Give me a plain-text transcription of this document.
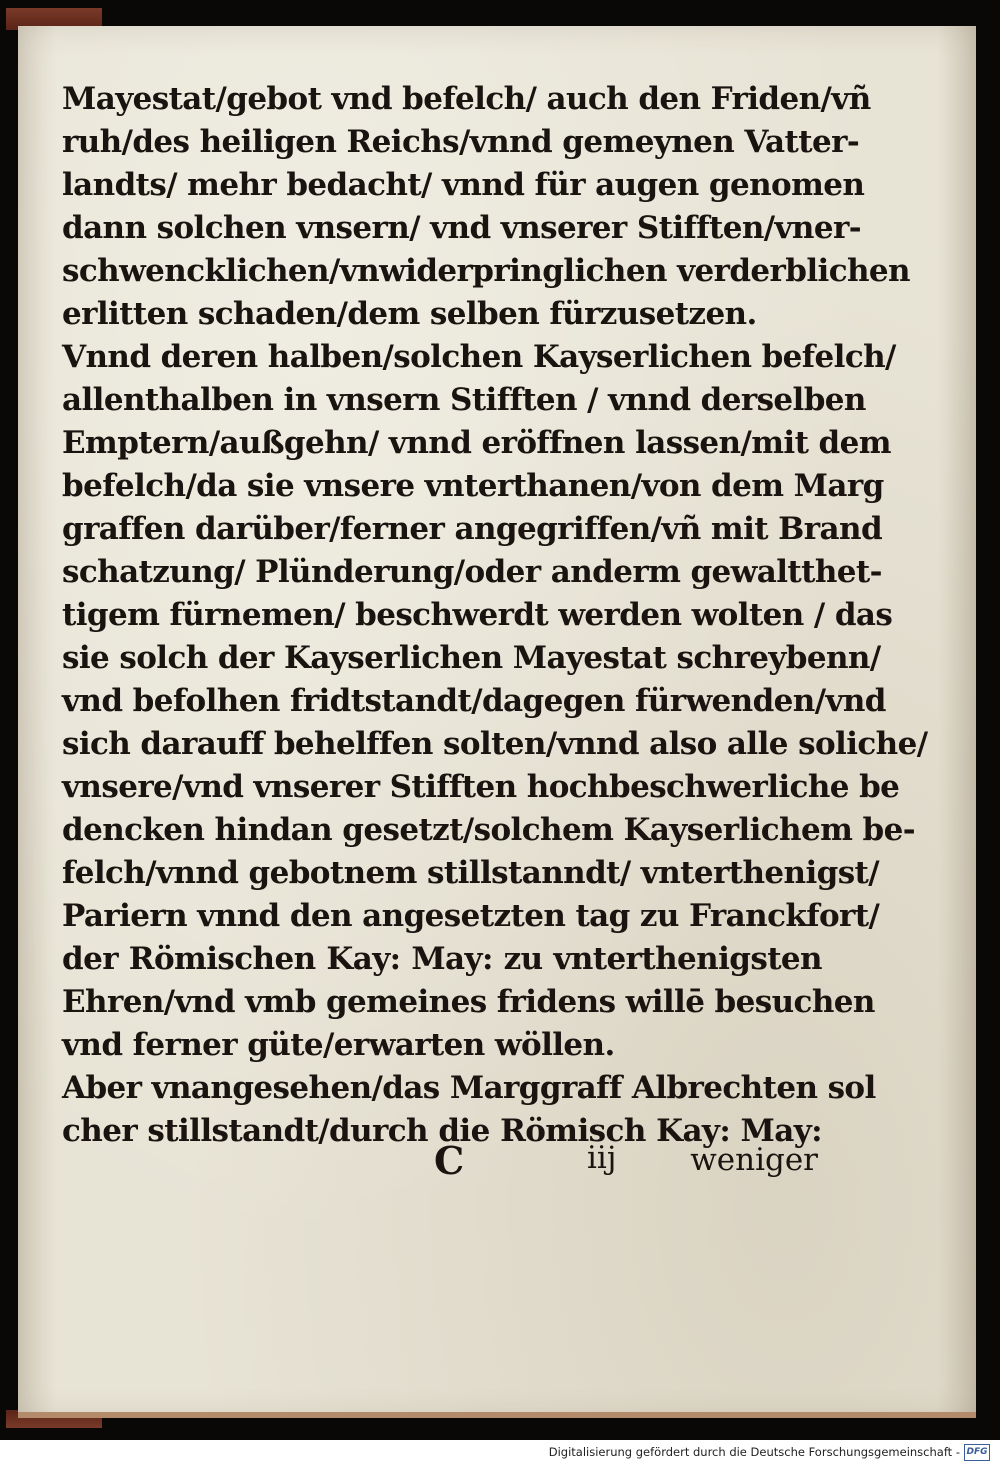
Mayestat/gebot vnd befelch/ auch den Friden/vñ
ruh/des heiligen Reichs/vnnd gemeynen Vatter-
landts/ mehr bedacht/ vnnd für augen genomen
dann solchen vnsern/ vnd vnserer Stifften/vner-
schwencklichen/vnwiderpringlichen verderblichen
erlitten schaden/dem selben fürzusetzen.
Vnnd deren halben/solchen Kayserlichen befelch/
allenthalben in vnsern Stifften / vnnd derselben
Emptern/außgehn/ vnnd eröffnen lassen/mit dem
befelch/da sie vnsere vnterthanen/von dem Marg
graffen darüber/ferner angegriffen/vñ mit Brand
schatzung/ Plünderung/oder anderm gewaltthet-
tigem fürnemen/ beschwerdt werden wolten / das
sie solch der Kayserlichen Mayestat schreybenn/
vnd befolhen fridtstandt/dagegen fürwenden/vnd
sich darauff behelffen solten/vnnd also alle soliche/
vnsere/vnd vnserer Stifften hochbeschwerliche be
dencken hindan gesetzt/solchem Kayserlichem be-
felch/vnnd gebotnem stillstanndt/ vnterthenigst/
Pariern vnnd den angesetzten tag zu Franckfort/
der Römischen Kay: May: zu vnterthenigsten
Ehren/vnd vmb gemeines fridens willē besuchen
vnd ferner güte/erwarten wöllen.
Aber vnangesehen/das Marggraff Albrechten sol
cher stillstandt/durch die Römisch Kay: May:
C	iij weniger
Digitalisierung gefördert durch die Deutsche Forschungsgemeinschaft - DFG
